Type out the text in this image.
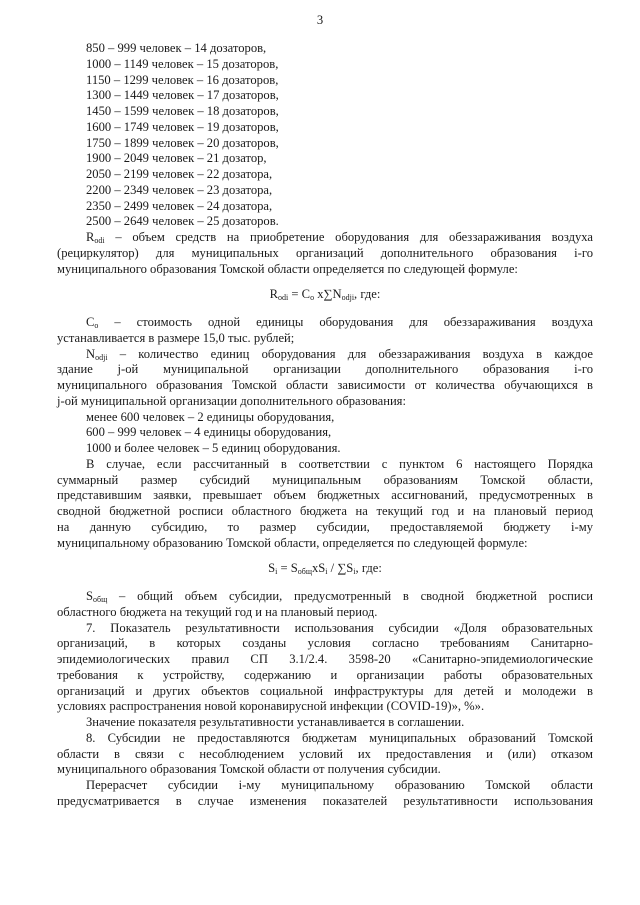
3
850 – 999 человек – 14 дозаторов,
1000 – 1149 человек – 15 дозаторов,
1150 – 1299 человек – 16 дозаторов,
1300 – 1449 человек – 17 дозаторов,
1450 – 1599 человек – 18 дозаторов,
1600 – 1749 человек – 19 дозаторов,
1750 – 1899 человек – 20 дозаторов,
1900 – 2049 человек – 21 дозатор,
2050 – 2199 человек – 22 дозатора,
2200 – 2349 человек – 23 дозатора,
2350 – 2499 человек – 24 дозатора,
2500 – 2649 человек – 25 дозаторов.
$R_{odi}$ – объем средств на приобретение оборудования для обеззараживания воздуха
(рециркулятор) для муниципальных организаций дополнительного образования i-го
муниципального образования Томской области определяется по следующей формуле:
$R_{odi} = C_o$ $x\sum N_{odji}$, где:
$C_o$ – стоимость одной единицы оборудования для обеззараживания воздуха
устанавливается в размере 15,0 тыс. рублей;
$N_{odji}$ – количество единиц оборудования для обеззараживания воздуха в каждое
здание j-ой муниципальной организации дополнительного образования i-го
муниципального образования Томской области зависимости от количества обучающихся в
j-ой муниципальной организации дополнительного образования:
менее 600 человек – 2 единицы оборудования,
600 – 999 человек – 4 единицы оборудования,
1000 и более человек – 5 единиц оборудования.
В случае, если рассчитанный в соответствии с пунктом 6 настоящего Порядка
суммарный размер субсидий муниципальным образованиям Томской области,
представившим заявки, превышает объем бюджетных ассигнований, предусмотренных в
сводной бюджетной росписи областного бюджета на текущий год и на плановый период
на данную субсидию, то размер субсидии, предоставляемой бюджету i-му
муниципальному образованию Томской области, определяется по следующей формуле:
$S_i = S_{общ}xS_i / \sum S_i$, где:
$S_{общ}$ – общий объем субсидии, предусмотренный в сводной бюджетной росписи
областного бюджета на текущий год и на плановый период.
7. Показатель результативности использования субсидии «Доля образовательных
организаций, в которых созданы условия согласно требованиям Санитарно-
эпидемиологических правил СП 3.1/2.4. 3598-20 «Санитарно-эпидемиологические
требования к устройству, содержанию и организации работы образовательных
организаций и других объектов социальной инфраструктуры для детей и молодежи в
условиях распространения новой коронавирусной инфекции (COVID-19)», %».
Значение показателя результативности устанавливается в соглашении.
8. Субсидии не предоставляются бюджетам муниципальных образований Томской
области в связи с несоблюдением условий их предоставления и (или) отказом
муниципального образования Томской области от получения субсидии.
Перерасчет субсидии i-му муниципальному образованию Томской области
предусматривается в случае изменения показателей результативности использования
